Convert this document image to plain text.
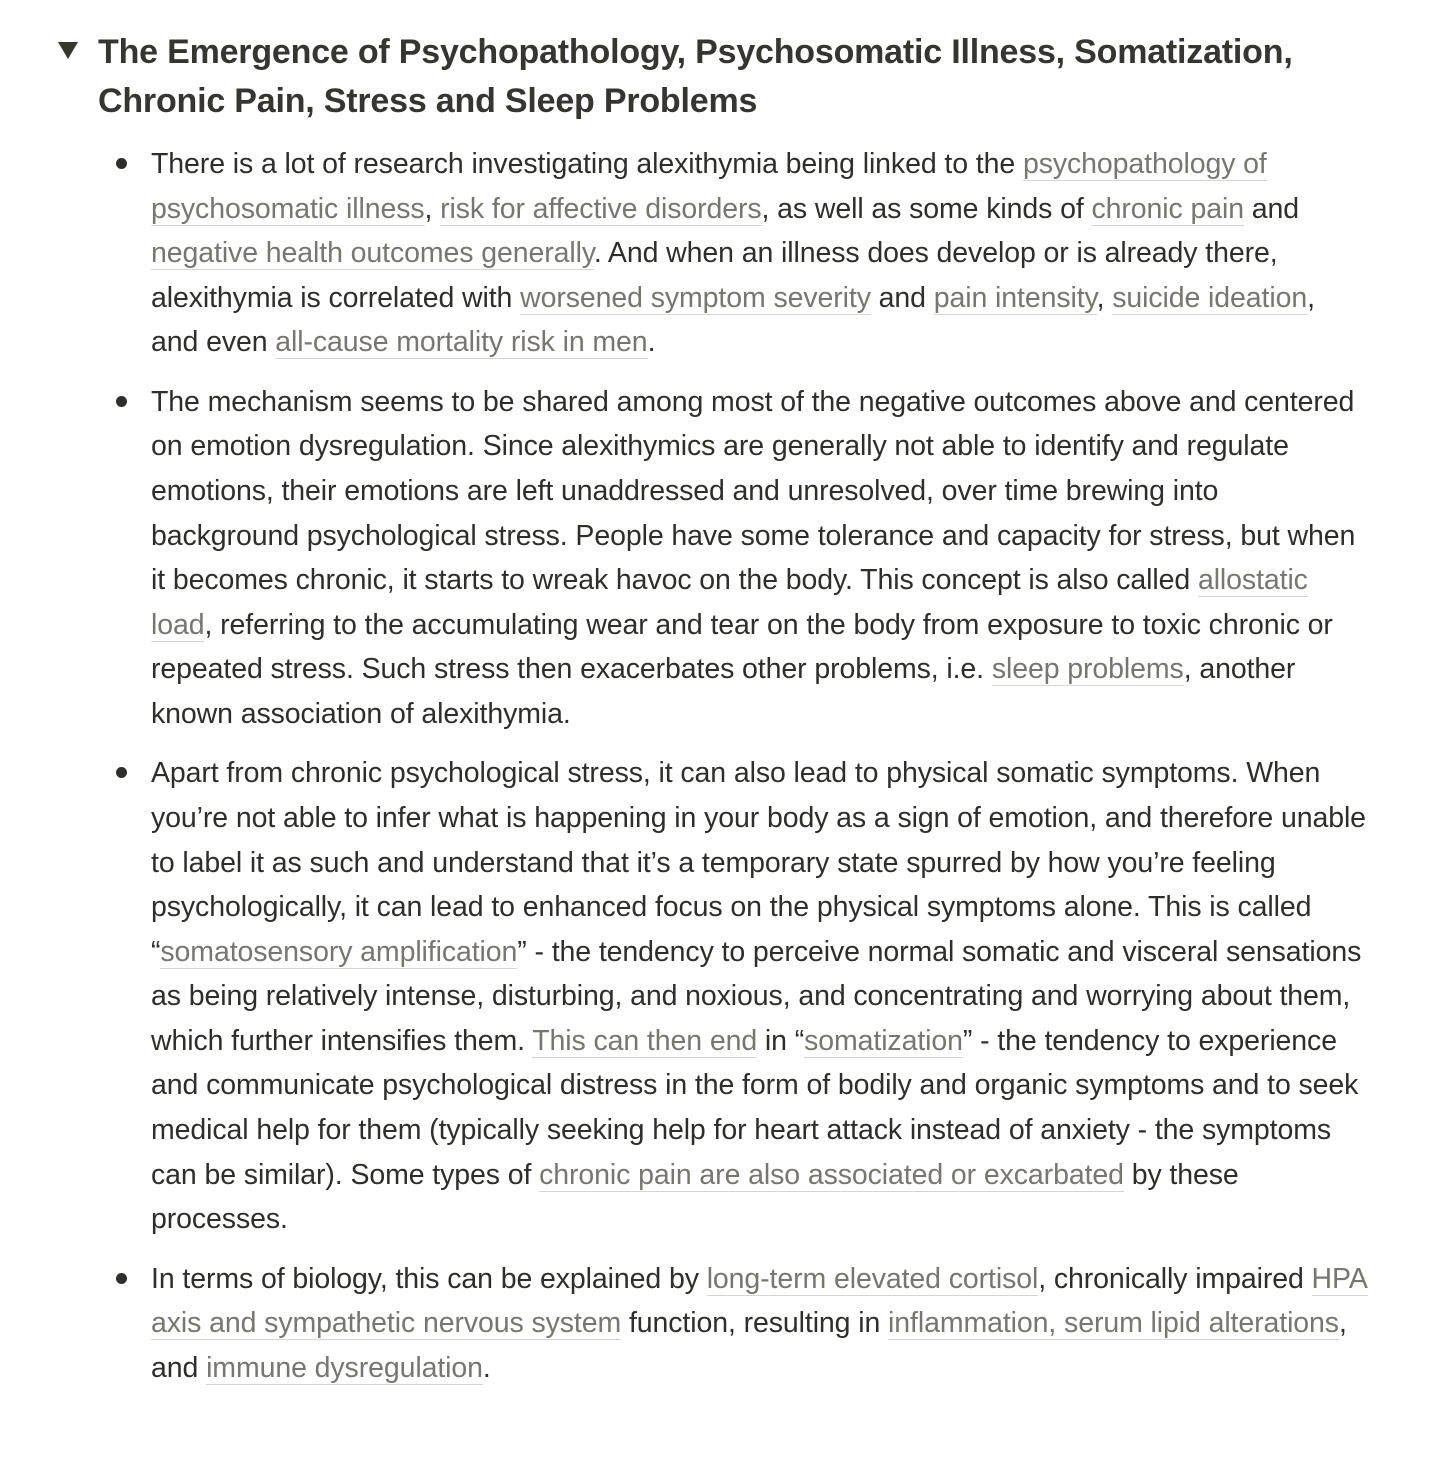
The Emergence of Psychopathology, Psychosomatic Illness, Somatization, Chronic Pain, Stress and Sleep Problems
There is a lot of research investigating alexithymia being linked to the psychopathology of psychosomatic illness, risk for affective disorders, as well as some kinds of chronic pain and negative health outcomes generally. And when an illness does develop or is already there, alexithymia is correlated with worsened symptom severity and pain intensity, suicide ideation, and even all-cause mortality risk in men.
The mechanism seems to be shared among most of the negative outcomes above and centered on emotion dysregulation. Since alexithymics are generally not able to identify and regulate emotions, their emotions are left unaddressed and unresolved, over time brewing into background psychological stress. People have some tolerance and capacity for stress, but when it becomes chronic, it starts to wreak havoc on the body. This concept is also called allostatic load, referring to the accumulating wear and tear on the body from exposure to toxic chronic or repeated stress. Such stress then exacerbates other problems, i.e. sleep problems, another known association of alexithymia.
Apart from chronic psychological stress, it can also lead to physical somatic symptoms. When you’re not able to infer what is happening in your body as a sign of emotion, and therefore unable to label it as such and understand that it’s a temporary state spurred by how you’re feeling psychologically, it can lead to enhanced focus on the physical symptoms alone. This is called “somatosensory amplification” - the tendency to perceive normal somatic and visceral sensations as being relatively intense, disturbing, and noxious, and concentrating and worrying about them, which further intensifies them. This can then end in “somatization” - the tendency to experience and communicate psychological distress in the form of bodily and organic symptoms and to seek medical help for them (typically seeking help for heart attack instead of anxiety - the symptoms can be similar). Some types of chronic pain are also associated or excarbated by these processes.
In terms of biology, this can be explained by long-term elevated cortisol, chronically impaired HPA axis and sympathetic nervous system function, resulting in inflammation, serum lipid alterations, and immune dysregulation.
